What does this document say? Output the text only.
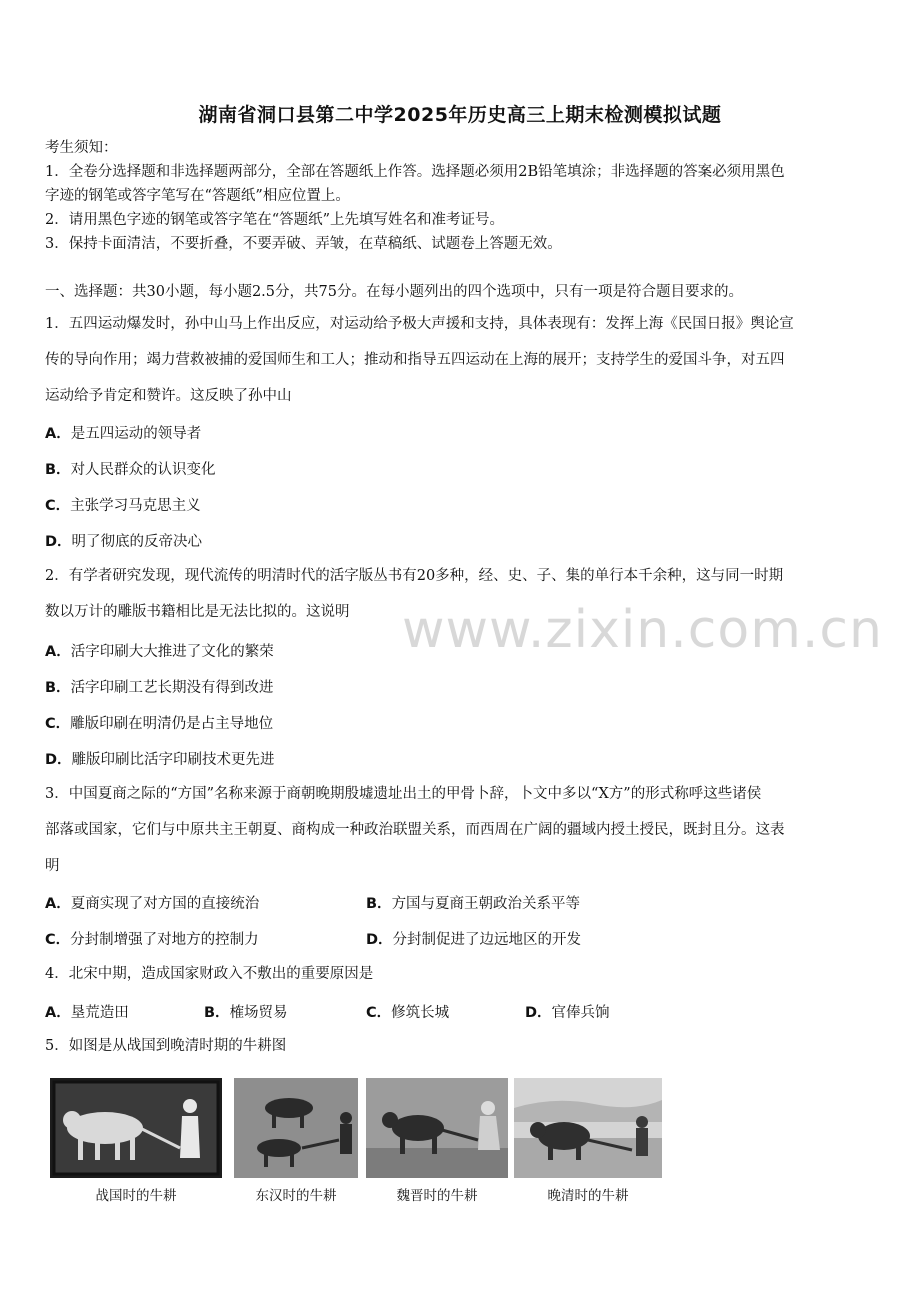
湖南省洞口县第二中学2025年历史高三上期末检测模拟试题
考生须知：
1．全卷分选择题和非选择题两部分，全部在答题纸上作答。选择题必须用2B铅笔填涂；非选择题的答案必须用黑色
字迹的钢笔或答字笔写在“答题纸”相应位置上。
2．请用黑色字迹的钢笔或答字笔在“答题纸”上先填写姓名和准考证号。
3．保持卡面清洁，不要折叠，不要弄破、弄皱，在草稿纸、试题卷上答题无效。
一、选择题：共30小题，每小题2.5分，共75分。在每小题列出的四个选项中，只有一项是符合题目要求的。
1．五四运动爆发时，孙中山马上作出反应，对运动给予极大声援和支持，具体表现有：发挥上海《民国日报》舆论宣
传的导向作用；竭力营救被捕的爱国师生和工人；推动和指导五四运动在上海的展开；支持学生的爱国斗争，对五四
运动给予肯定和赞许。这反映了孙中山
A．是五四运动的领导者
B．对人民群众的认识变化
C．主张学习马克思主义
D．明了彻底的反帝决心
2．有学者研究发现，现代流传的明清时代的活字版丛书有20多种，经、史、子、集的单行本千余种，这与同一时期
数以万计的雕版书籍相比是无法比拟的。这说明
A．活字印刷大大推进了文化的繁荣
B．活字印刷工艺长期没有得到改进
C．雕版印刷在明清仍是占主导地位
D．雕版印刷比活字印刷技术更先进
3．中国夏商之际的“方国”名称来源于商朝晚期殷墟遗址出土的甲骨卜辞，卜文中多以“X方”的形式称呼这些诸侯
部落或国家，它们与中原共主王朝夏、商构成一种政治联盟关系，而西周在广阔的疆域内授土授民，既封且分。这表
明
A．夏商实现了对方国的直接统治	B．方国与夏商王朝政治关系平等
C．分封制增强了对地方的控制力	D．分封制促进了边远地区的开发
4．北宋中期，造成国家财政入不敷出的重要原因是
A．垦荒造田	B．榷场贸易	C．修筑长城	D．官俸兵饷
5．如图是从战国到晚清时期的牛耕图
战国时的牛耕	东汉时的牛耕	魏晋时的牛耕	晚清时的牛耕
www.zixin.com.cn
